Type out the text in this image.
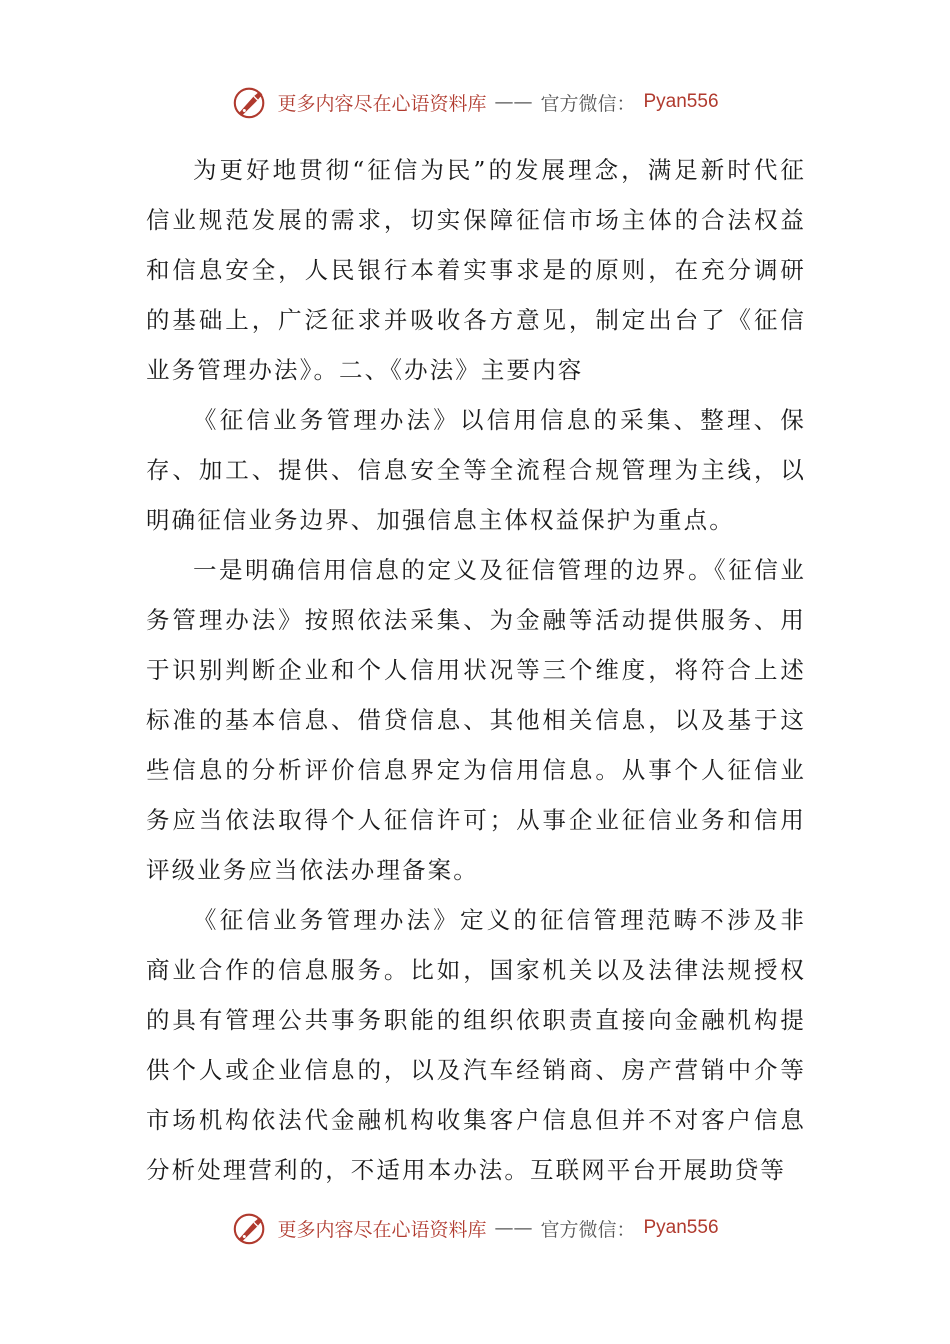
更多内容尽在心语资料库 —— 官方微信： Pyan556

为更好地贯彻“征信为民”的发展理念，满足新时代征信业规范发展的需求，切实保障征信市场主体的合法权益和信息安全，人民银行本着实事求是的原则，在充分调研的基础上，广泛征求并吸收各方意见，制定出台了《征信业务管理办法》。二、《办法》主要内容

《征信业务管理办法》以信用信息的采集、整理、保存、加工、提供、信息安全等全流程合规管理为主线，以明确征信业务边界、加强信息主体权益保护为重点。

一是明确信用信息的定义及征信管理的边界。《征信业务管理办法》按照依法采集、为金融等活动提供服务、用于识别判断企业和个人信用状况等三个维度，将符合上述标准的基本信息、借贷信息、其他相关信息，以及基于这些信息的分析评价信息界定为信用信息。从事个人征信业务应当依法取得个人征信许可；从事企业征信业务和信用评级业务应当依法办理备案。

《征信业务管理办法》定义的征信管理范畴不涉及非商业合作的信息服务。比如，国家机关以及法律法规授权的具有管理公共事务职能的组织依职责直接向金融机构提供个人或企业信息的，以及汽车经销商、房产营销中介等市场机构依法代金融机构收集客户信息但并不对客户信息分析处理营利的，不适用本办法。互联网平台开展助贷等

更多内容尽在心语资料库 —— 官方微信： Pyan556
